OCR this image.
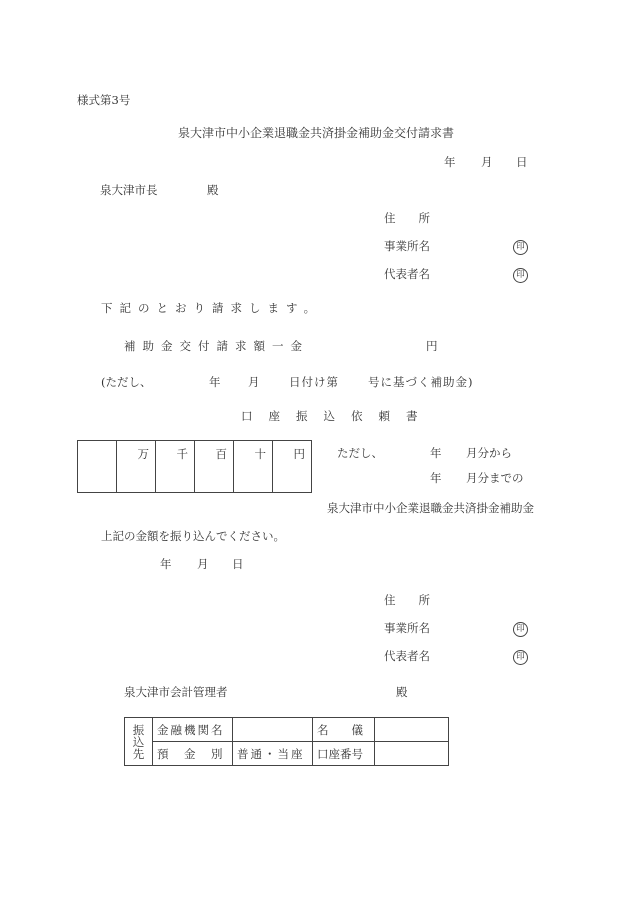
様式第3号
泉大津市中小企業退職金共済掛金補助金交付請求書
年 月 日
泉大津市長	殿
住　　所
事業所名	印
代表者名	印
下記のとおり請求します。
補助金交付請求額一金	円
(ただし、	年 月	日付け第	号に基づく補助金)
口座振込依頼書
	万	千	百	十	円	ただし、	年 月分から
年 月分までの
泉大津市中小企業退職金共済掛金補助金
上記の金額を振り込んでください。
年 月 日
住　　所
事業所名	印
代表者名	印
泉大津市会計管理者	殿
振込先	金融機関名		名　　儀	
	預　金　別	普通・当座	口座番号	
